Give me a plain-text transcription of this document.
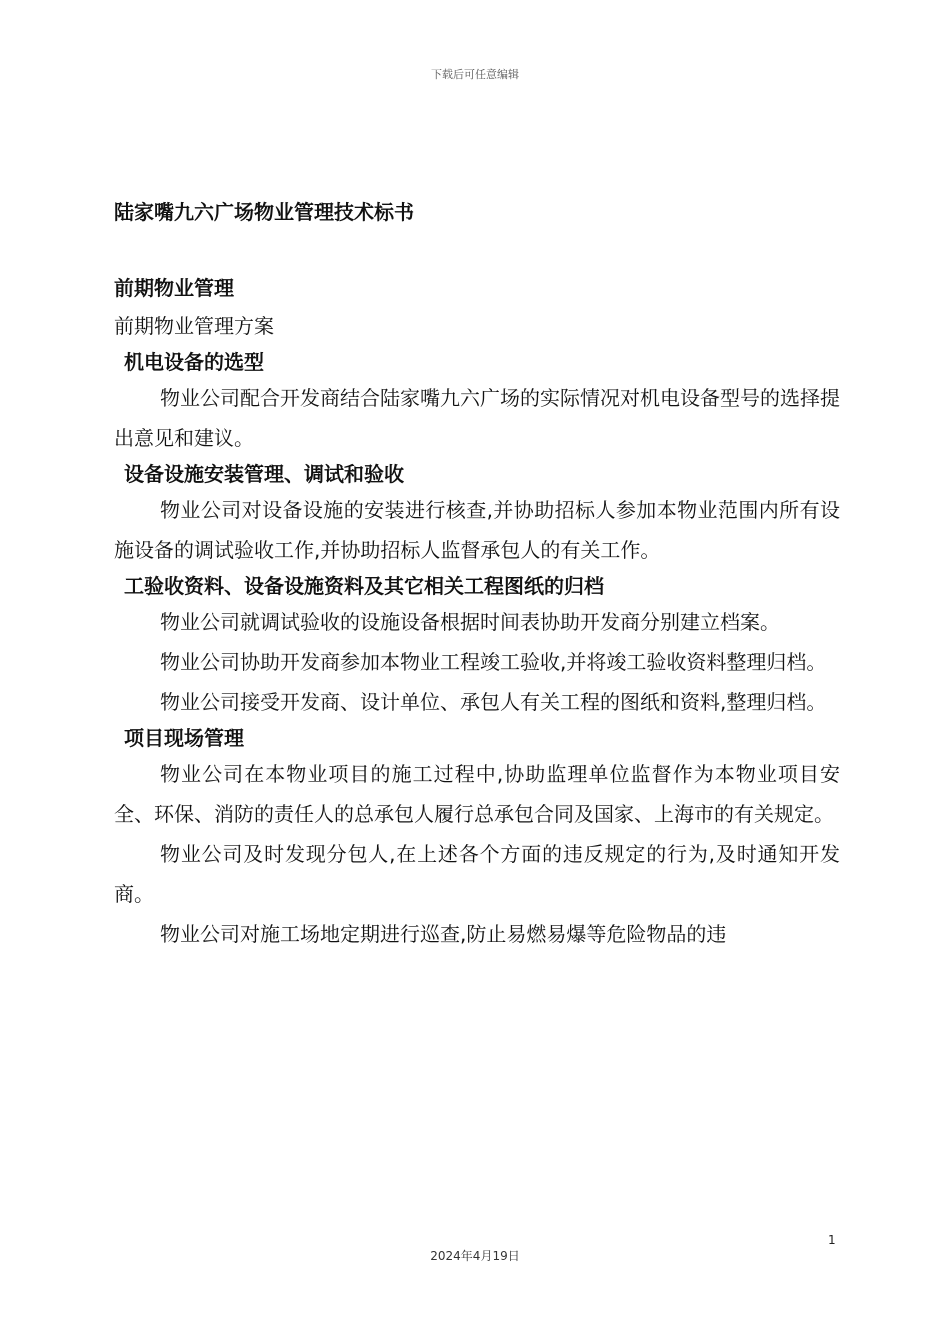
下载后可任意编辑
陆家嘴九六广场物业管理技术标书
前期物业管理
前期物业管理方案
机电设备的选型

物业公司配合开发商结合陆家嘴九六广场的实际情况对机电设备型号的选择提出意见和建议。

设备设施安装管理、调试和验收

物业公司对设备设施的安装进行核查,并协助招标人参加本物业范围内所有设施设备的调试验收工作,并协助招标人监督承包人的有关工作。

工验收资料、设备设施资料及其它相关工程图纸的归档

物业公司就调试验收的设施设备根据时间表协助开发商分别建立档案。

物业公司协助开发商参加本物业工程竣工验收,并将竣工验收资料整理归档。

物业公司接受开发商、设计单位、承包人有关工程的图纸和资料,整理归档。

项目现场管理

物业公司在本物业项目的施工过程中,协助监理单位监督作为本物业项目安全、环保、消防的责任人的总承包人履行总承包合同及国家、上海市的有关规定。

物业公司及时发现分包人,在上述各个方面的违反规定的行为,及时通知开发商。

物业公司对施工场地定期进行巡查,防止易燃易爆等危险物品的违

1
2024年4月19日
